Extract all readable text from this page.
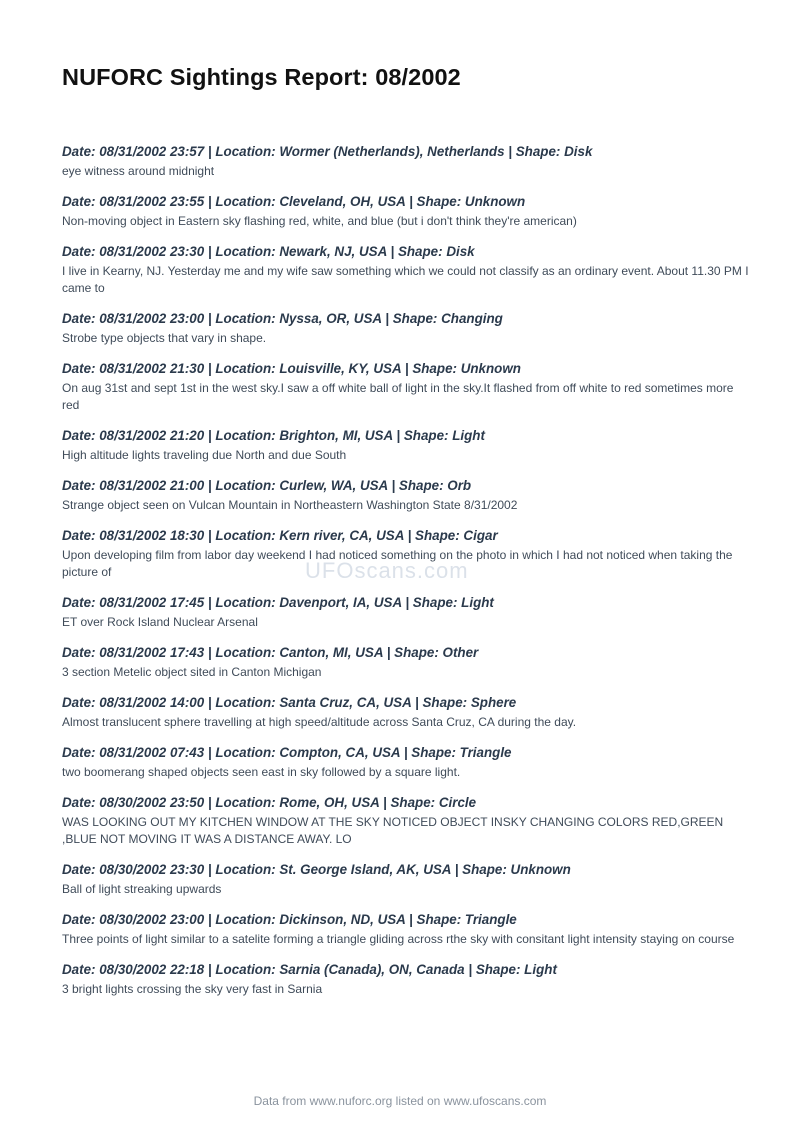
NUFORC Sightings Report: 08/2002
Date: 08/31/2002 23:57 | Location: Wormer (Netherlands), Netherlands | Shape: Disk
eye witness around midnight
Date: 08/31/2002 23:55 | Location: Cleveland, OH, USA | Shape: Unknown
Non-moving object in Eastern sky flashing red, white, and blue (but i don't think they're american)
Date: 08/31/2002 23:30 | Location: Newark, NJ, USA | Shape: Disk
I live in Kearny, NJ. Yesterday me and my wife saw something which we could not classify as an ordinary event. About 11.30 PM I came to
Date: 08/31/2002 23:00 | Location: Nyssa, OR, USA | Shape: Changing
Strobe type objects that vary in shape.
Date: 08/31/2002 21:30 | Location: Louisville, KY, USA | Shape: Unknown
On aug 31st and sept 1st in the west sky.I saw a off white ball of light in the sky.It flashed from off white to red sometimes more red
Date: 08/31/2002 21:20 | Location: Brighton, MI, USA | Shape: Light
High altitude lights traveling due North and due South
Date: 08/31/2002 21:00 | Location: Curlew, WA, USA | Shape: Orb
Strange object seen on Vulcan Mountain in Northeastern Washington State 8/31/2002
Date: 08/31/2002 18:30 | Location: Kern river, CA, USA | Shape: Cigar
Upon developing film from labor day weekend I had noticed something on the photo in which I had not noticed when taking the picture of
Date: 08/31/2002 17:45 | Location: Davenport, IA, USA | Shape: Light
ET over Rock Island Nuclear Arsenal
Date: 08/31/2002 17:43 | Location: Canton, MI, USA | Shape: Other
3 section Metelic object sited in Canton Michigan
Date: 08/31/2002 14:00 | Location: Santa Cruz, CA, USA | Shape: Sphere
Almost translucent sphere travelling at high speed/altitude across Santa Cruz, CA during the day.
Date: 08/31/2002 07:43 | Location: Compton, CA, USA | Shape: Triangle
two boomerang shaped objects seen east in sky followed by a square light.
Date: 08/30/2002 23:50 | Location: Rome, OH, USA | Shape: Circle
WAS LOOKING OUT MY KITCHEN WINDOW AT THE SKY NOTICED OBJECT INSKY CHANGING COLORS RED,GREEN ,BLUE NOT MOVING IT WAS A DISTANCE AWAY. LO
Date: 08/30/2002 23:30 | Location: St. George Island, AK, USA | Shape: Unknown
Ball of light streaking upwards
Date: 08/30/2002 23:00 | Location: Dickinson, ND, USA | Shape: Triangle
Three points of light similar to a satelite forming a triangle gliding across rthe sky with consitant light intensity staying on course
Date: 08/30/2002 22:18 | Location: Sarnia (Canada), ON, Canada | Shape: Light
3 bright lights crossing the sky very fast in Sarnia
UFOscans.com
Data from www.nuforc.org listed on www.ufoscans.com
